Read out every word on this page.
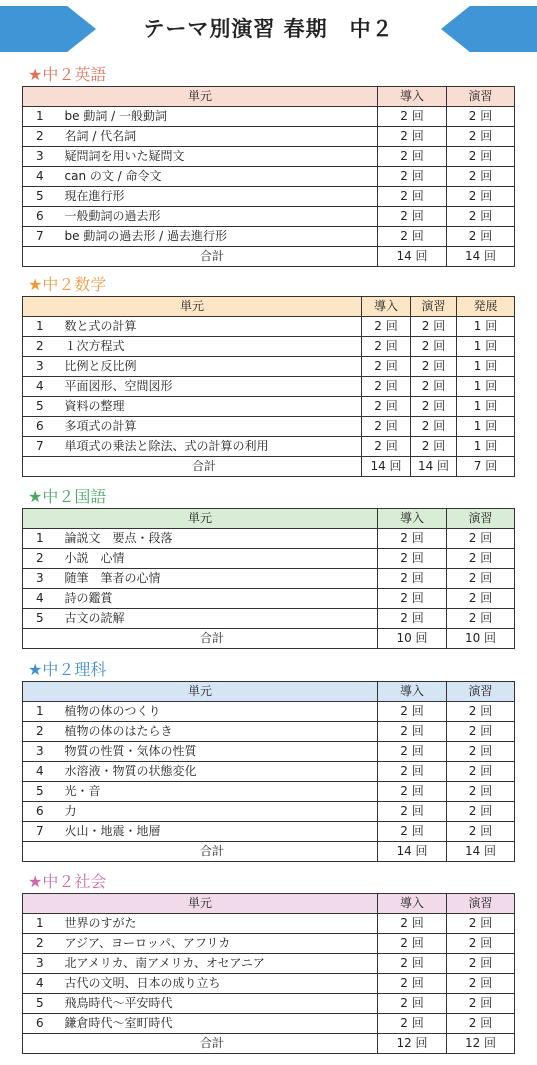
テーマ別演習 春期　中２
★中２英語
単元		導入	演習
1	be 動詞 / 一般動詞	2 回	2 回
2	名詞 / 代名詞	2 回	2 回
3	疑問詞を用いた疑問文	2 回	2 回
4	can の文 / 命令文	2 回	2 回
5	現在進行形	2 回	2 回
6	一般動詞の過去形	2 回	2 回
7	be 動詞の過去形 / 過去進行形	2 回	2 回
合計		14 回	14 回
★中２数学
単元		導入	演習	発展
1	数と式の計算	2 回	2 回	1 回
2	１次方程式	2 回	2 回	1 回
3	比例と反比例	2 回	2 回	1 回
4	平面図形、空間図形	2 回	2 回	1 回
5	資料の整理	2 回	2 回	1 回
6	多項式の計算	2 回	2 回	1 回
7	単項式の乗法と除法、式の計算の利用	2 回	2 回	1 回
合計		14 回	14 回	7 回
★中２国語
単元		導入	演習
1	論説文　要点・段落	2 回	2 回
2	小説　心情	2 回	2 回
3	随筆　筆者の心情	2 回	2 回
4	詩の鑑賞	2 回	2 回
5	古文の読解	2 回	2 回
合計		10 回	10 回
★中２理科
単元		導入	演習
1	植物の体のつくり	2 回	2 回
2	植物の体のはたらき	2 回	2 回
3	物質の性質・気体の性質	2 回	2 回
4	水溶液・物質の状態変化	2 回	2 回
5	光・音	2 回	2 回
6	力	2 回	2 回
7	火山・地震・地層	2 回	2 回
合計		14 回	14 回
★中２社会
単元		導入	演習
1	世界のすがた	2 回	2 回
2	アジア、ヨーロッパ、アフリカ	2 回	2 回
3	北アメリカ、南アメリカ、オセアニア	2 回	2 回
4	古代の文明、日本の成り立ち	2 回	2 回
5	飛鳥時代～平安時代	2 回	2 回
6	鎌倉時代～室町時代	2 回	2 回
合計		12 回	12 回
